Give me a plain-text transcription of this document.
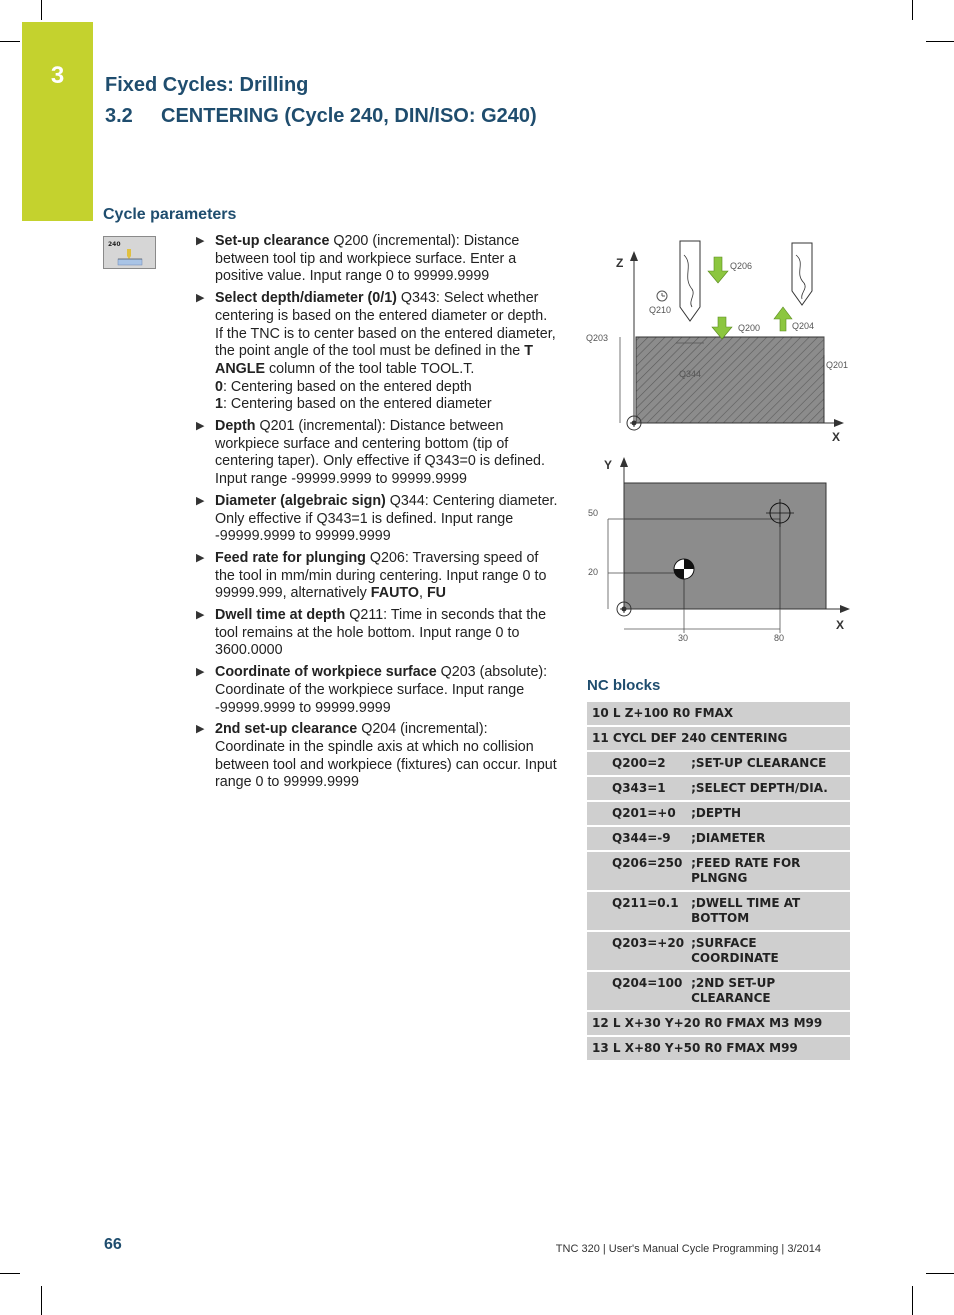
3	Fixed Cycles: Drilling
3.2 CENTERING (Cycle 240, DIN/ISO: G240)
Cycle parameters
240	▶ Set-up clearance Q200 (incremental): Distance between tool tip and workpiece surface. Enter a positive value. Input range 0 to 99999.9999
▶ Select depth/diameter (0/1) Q343: Select whether centering is based on the entered diameter or depth. If the TNC is to center based on the entered diameter, the point angle of the tool must be defined in the T ANGLE column of the tool table TOOL.T.
0: Centering based on the entered depth
1: Centering based on the entered diameter
▶ Depth Q201 (incremental): Distance between workpiece surface and centering bottom (tip of centering taper). Only effective if Q343=0 is defined. Input range -99999.9999 to 99999.9999
▶ Diameter (algebraic sign) Q344: Centering diameter. Only effective if Q343=1 is defined. Input range -99999.9999 to 99999.9999
▶ Feed rate for plunging Q206: Traversing speed of the tool in mm/min during centering. Input range 0 to 99999.999, alternatively FAUTO, FU
▶ Dwell time at depth Q211: Time in seconds that the tool remains at the hole bottom. Input range 0 to 3600.0000
▶ Coordinate of workpiece surface Q203 (absolute): Coordinate of the workpiece surface. Input range -99999.9999 to 99999.9999
▶ 2nd set-up clearance Q204 (incremental): Coordinate in the spindle axis at which no collision between tool and workpiece (fixtures) can occur. Input range 0 to 99999.9999
Z
X
Q206
Q210
Q200	Q204
Q203
Q201
Q344
Y
X
50
20
30	80
NC blocks
10 L Z+100 R0 FMAX	
11 CYCL DEF 240 CENTERING	
Q200=2	;SET-UP CLEARANCE
Q343=1	;SELECT DEPTH/DIA.
Q201=+0	;DEPTH
Q344=-9	;DIAMETER
Q206=250	;FEED RATE FOR PLNGNG
Q211=0.1	;DWELL TIME AT BOTTOM
Q203=+20	;SURFACE COORDINATE
Q204=100	;2ND SET-UP CLEARANCE
12 L X+30 Y+20 R0 FMAX M3 M99	
13 L X+80 Y+50 R0 FMAX M99	
66	TNC 320 | User's Manual Cycle Programming | 3/2014
